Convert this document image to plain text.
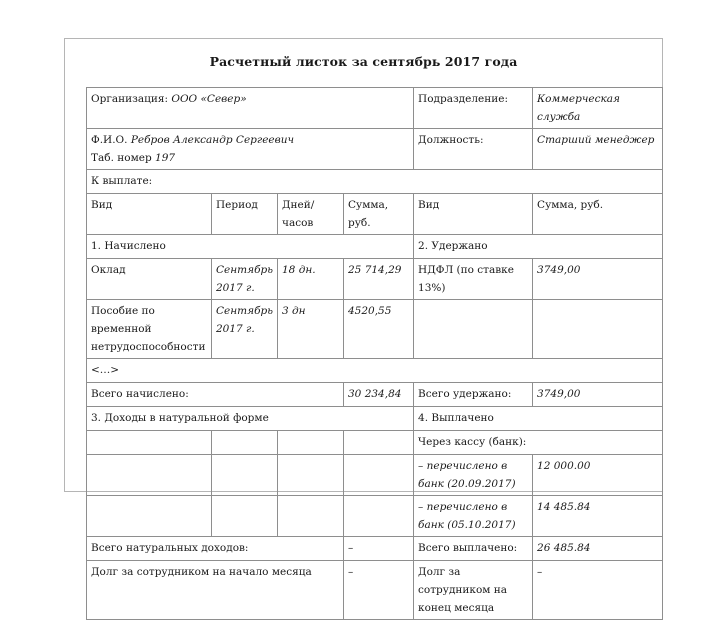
Расчетный листок за сентябрь 2017 года
Организация: ООО «Север»				Подразделение:	Коммерческая служба
Ф.И.О. Ребров Александр Сергеевич
Таб. номер 197				Должность:	Старший менеджер
К выплате:					
Вид	Период	Дней/часов	Сумма, руб.	Вид	Сумма, руб.
1. Начислено				2. Удержано	
Оклад	Сентябрь 2017 г.	18 дн.	25 714,29	НДФЛ (по ставке 13%)	3749,00
Пособие по временной нетрудоспособности	Сентябрь 2017 г.	3 дн	4520,55		
<…>					
Всего начислено:			30 234,84	Всего удержано:	3749,00
3. Доходы в натуральной форме				4. Выплачено	
				Через кассу (банк):	
				– перечислено в банк (20.09.2017)	12 000.00
				– перечислено в банк (05.10.2017)	14 485.84
Всего натуральных доходов:			–	Всего выплачено:	26 485.84
Долг за сотрудником на начало месяца			–	Долг за сотрудником на конец месяца	–
